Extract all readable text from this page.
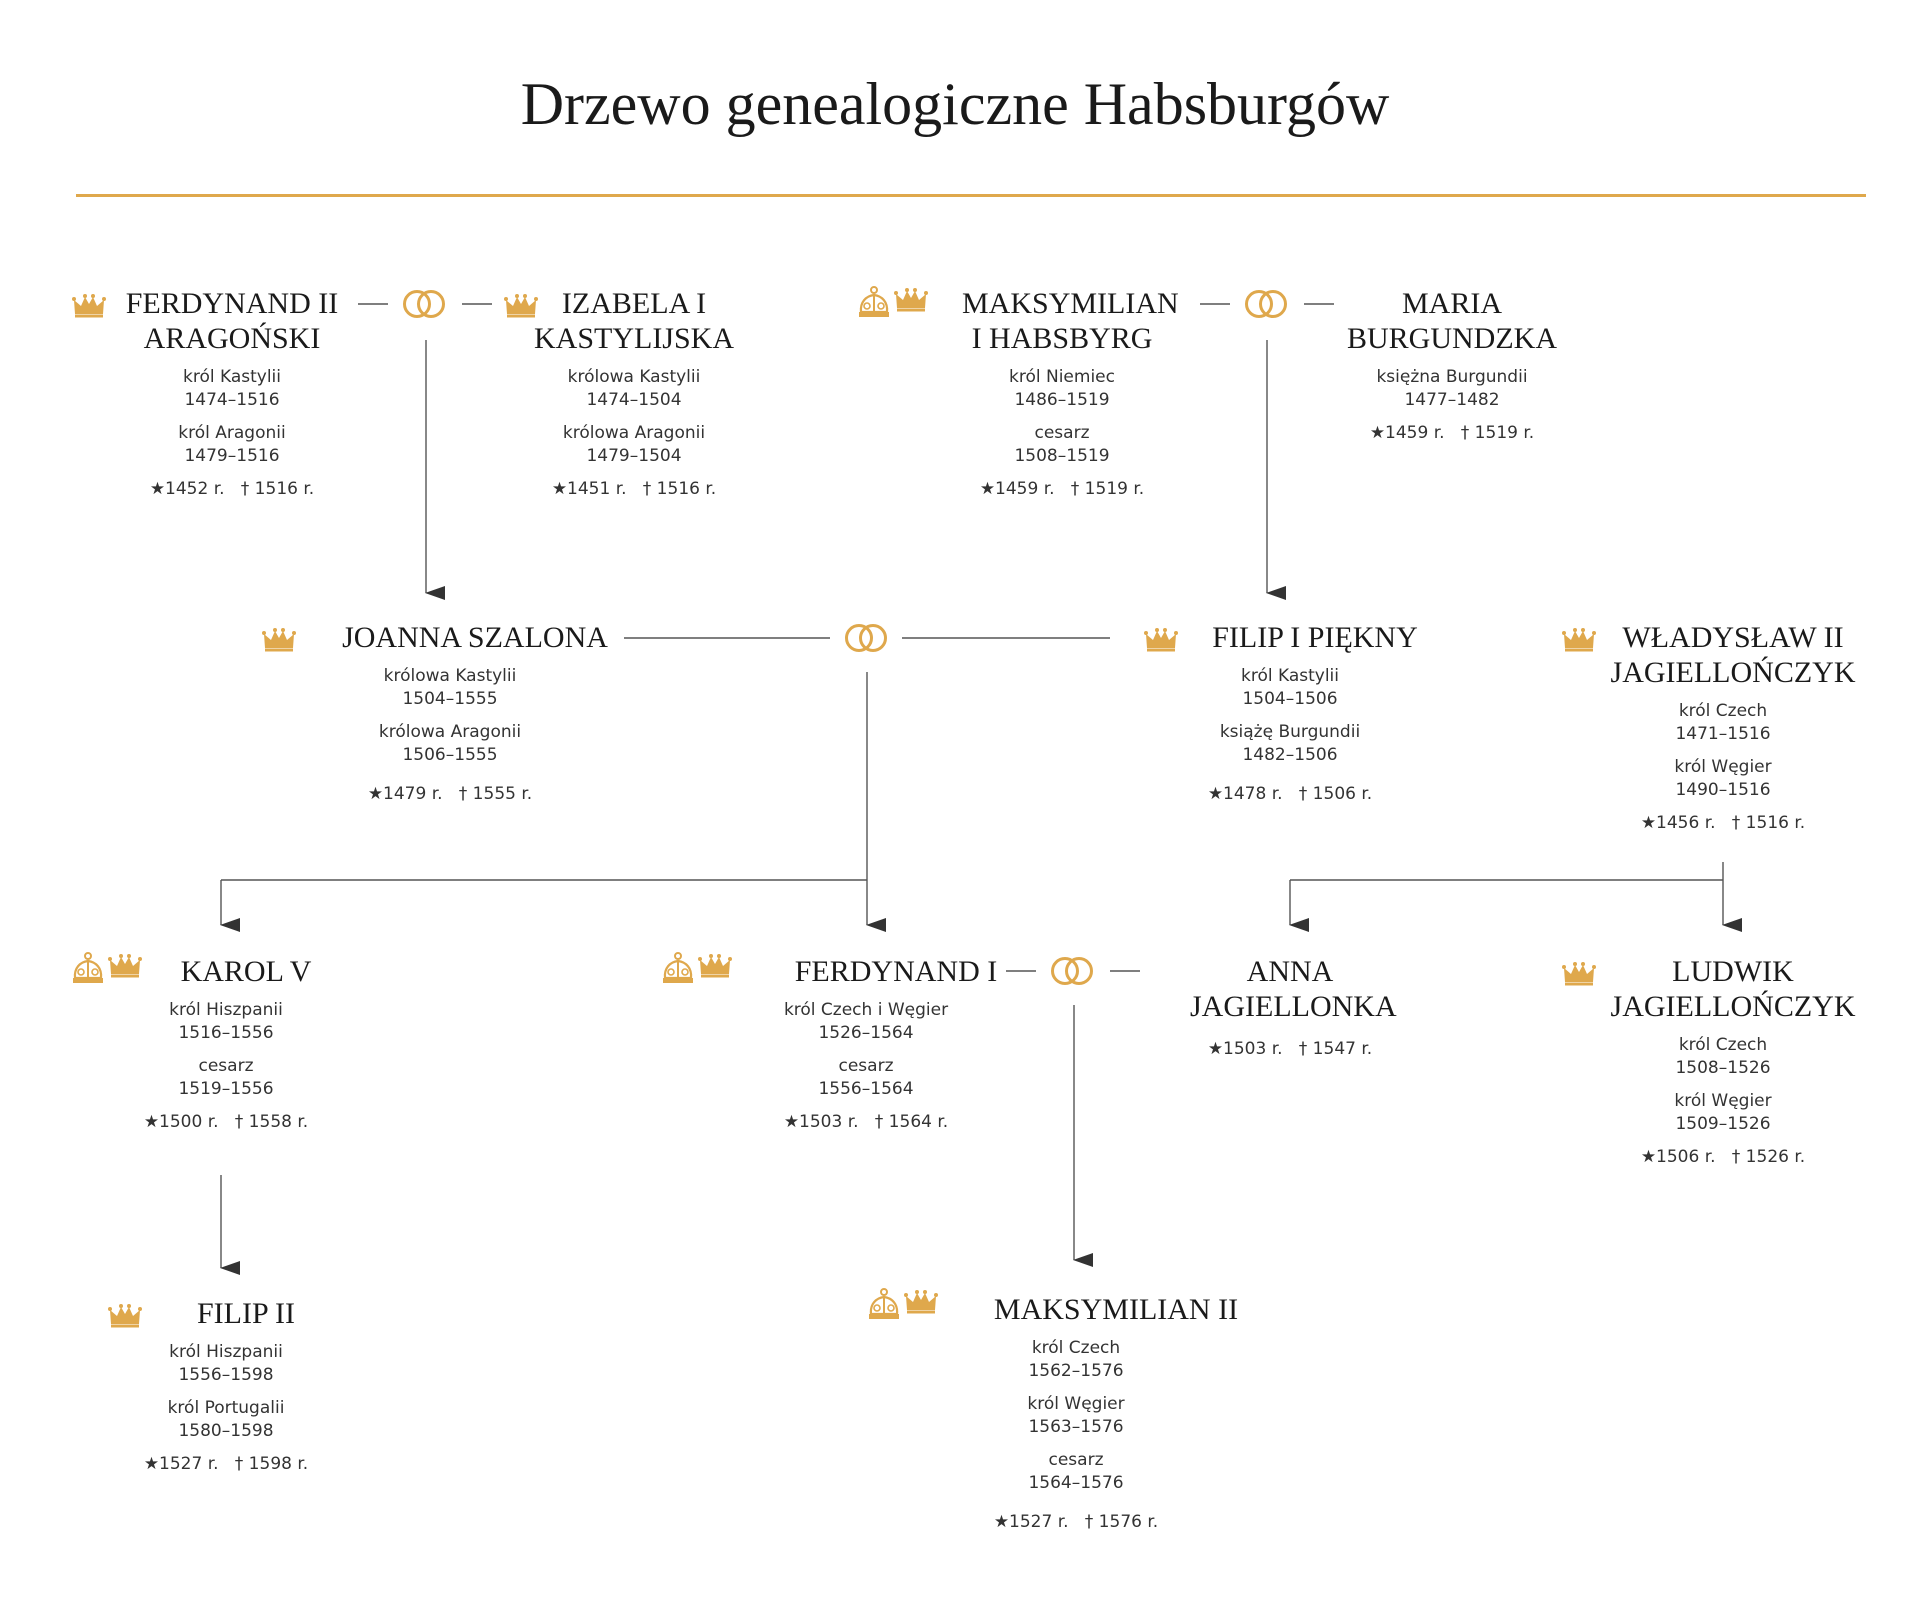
Drzewo genealogiczne Habsburgów
FERDYNAND II ARAGOŃSKI
król Kastylii
1474–1516
król Aragonii
1479–1516
★1452 r. † 1516 r.
IZABELA I KASTYLIJSKA
królowa Kastylii
1474–1504
królowa Aragonii
1479–1504
★1451 r. † 1516 r.
MAKSYMILIAN I HABSBYRG
król Niemiec
1486–1519
cesarz
1508–1519
★1459 r. † 1519 r.
MARIA BURGUNDZKA
księżna Burgundii
1477–1482
★1459 r. † 1519 r.
JOANNA SZALONA
królowa Kastylii
1504–1555
królowa Aragonii
1506–1555
★1479 r. † 1555 r.
FILIP I PIĘKNY
król Kastylii
1504–1506
książę Burgundii
1482–1506
★1478 r. † 1506 r.
WŁADYSŁAW II JAGIELLOŃCZYK
król Czech
1471–1516
król Węgier
1490–1516
★1456 r. † 1516 r.
KAROL V
król Hiszpanii
1516–1556
cesarz
1519–1556
★1500 r. † 1558 r.
FERDYNAND I
król Czech i Węgier
1526–1564
cesarz
1556–1564
★1503 r. † 1564 r.
ANNA JAGIELLONKA
★1503 r. † 1547 r.
LUDWIK JAGIELLOŃCZYK
król Czech
1508–1526
król Węgier
1509–1526
★1506 r. † 1526 r.
FILIP II
król Hiszpanii
1556–1598
król Portugalii
1580–1598
★1527 r. † 1598 r.
MAKSYMILIAN II
król Czech
1562–1576
król Węgier
1563–1576
cesarz
1564–1576
★1527 r. † 1576 r.
